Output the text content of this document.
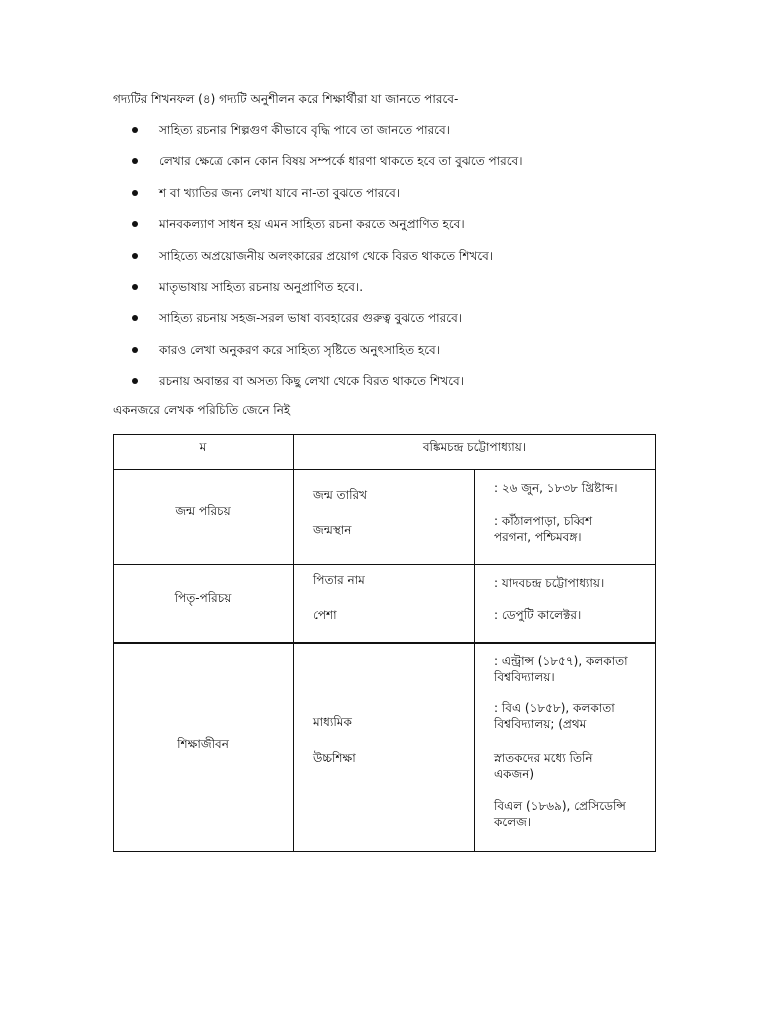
গদ্যটির শিখনফল (৪) গদ্যটি অনুশীলন করে শিক্ষার্থীরা যা জানতে পারবে-
সাহিত্য রচনার শিল্পগুণ কীভাবে বৃদ্ধি পাবে তা জানতে পারবে।
লেখার ক্ষেত্রে কোন কোন বিষয় সম্পর্কে ধারণা থাকতে হবে তা বুঝতে পারবে।
শ বা খ্যাতির জন্য লেখা যাবে না-তা বুঝতে পারবে।
মানবকল্যাণ সাধন হয় এমন সাহিত্য রচনা করতে অনুপ্রাণিত হবে।
সাহিত্যে অপ্রয়োজনীয় অলংকারের প্রয়োগ থেকে বিরত থাকতে শিখবে।
মাতৃভাষায় সাহিত্য রচনায় অনুপ্রাণিত হবে।.
সাহিত্য রচনায় সহজ-সরল ভাষা ব্যবহারের গুরুত্ব বুঝতে পারবে।
কারও লেখা অনুকরণ করে সাহিত্য সৃষ্টিতে অনুৎসাহিত হবে।
রচনায় অবান্তর বা অসত্য কিছু লেখা থেকে বিরত থাকতে শিখবে।
একনজরে লেখক পরিচিতি জেনে নিই
ম	বঙ্কিমচন্দ্র চট্টোপাধ্যায়।
জন্ম পরিচয়
জন্ম তারিখ
জন্মস্থান
: ২৬ জুন, ১৮৩৮ খ্রিষ্টাব্দ।
: কাঁঠালপাড়া, চব্বিশ
পরগনা, পশ্চিমবঙ্গ।
পিতৃ-পরিচয়
পিতার নাম
পেশা
: যাদবচন্দ্র চট্টোপাধ্যায়।
: ডেপুটি কালেক্টর।
শিক্ষাজীবন
মাধ্যমিক
উচ্চশিক্ষা
: এন্ট্রান্স (১৮৫৭), কলকাতা
বিশ্ববিদ্যালয়।
: বিএ (১৮৫৮), কলকাতা
বিশ্ববিদ্যালয়; (প্রথম
স্নাতকদের মধ্যে তিনি
একজন)
বিএল (১৮৬৯), প্রেসিডেন্সি
কলেজ।
